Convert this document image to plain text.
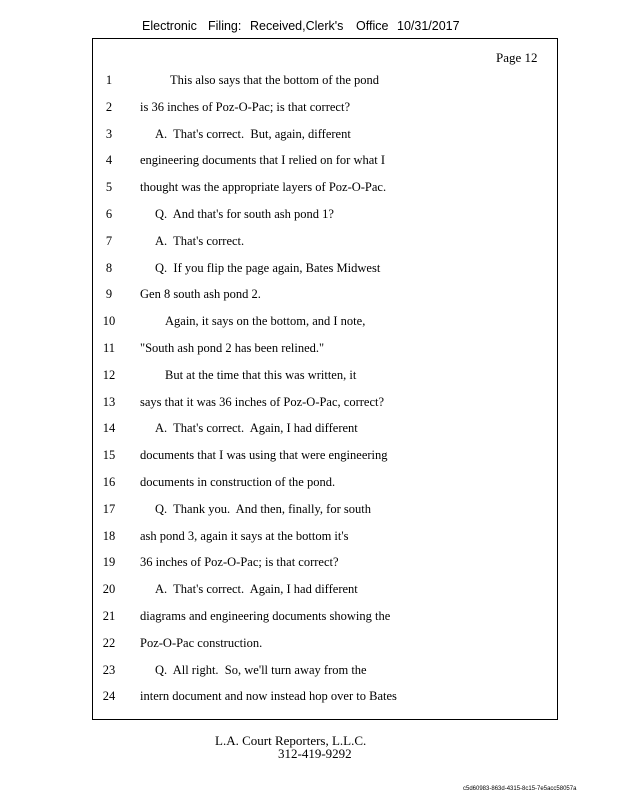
Electronic Filing: Received,Clerk's Office 10/31/2017
Page 12
1	This also says that the bottom of the pond
2	is 36 inches of Poz-O-Pac; is that correct?
3	A.  That's correct.  But, again, different
4	engineering documents that I relied on for what I
5	thought was the appropriate layers of Poz-O-Pac.
6	Q.  And that's for south ash pond 1?
7	A.  That's correct.
8	Q.  If you flip the page again, Bates Midwest
9	Gen 8 south ash pond 2.
10	Again, it says on the bottom, and I note,
11	"South ash pond 2 has been relined."
12	But at the time that this was written, it
13	says that it was 36 inches of Poz-O-Pac, correct?
14	A.  That's correct.  Again, I had different
15	documents that I was using that were engineering
16	documents in construction of the pond.
17	Q.  Thank you.  And then, finally, for south
18	ash pond 3, again it says at the bottom it's
19	36 inches of Poz-O-Pac; is that correct?
20	A.  That's correct.  Again, I had different
21	diagrams and engineering documents showing the
22	Poz-O-Pac construction.
23	Q.  All right.  So, we'll turn away from the
24	intern document and now instead hop over to Bates
L.A. Court Reporters, L.L.C.
312-419-9292
c5d60983-863d-4315-8c15-7e5acc58057a
